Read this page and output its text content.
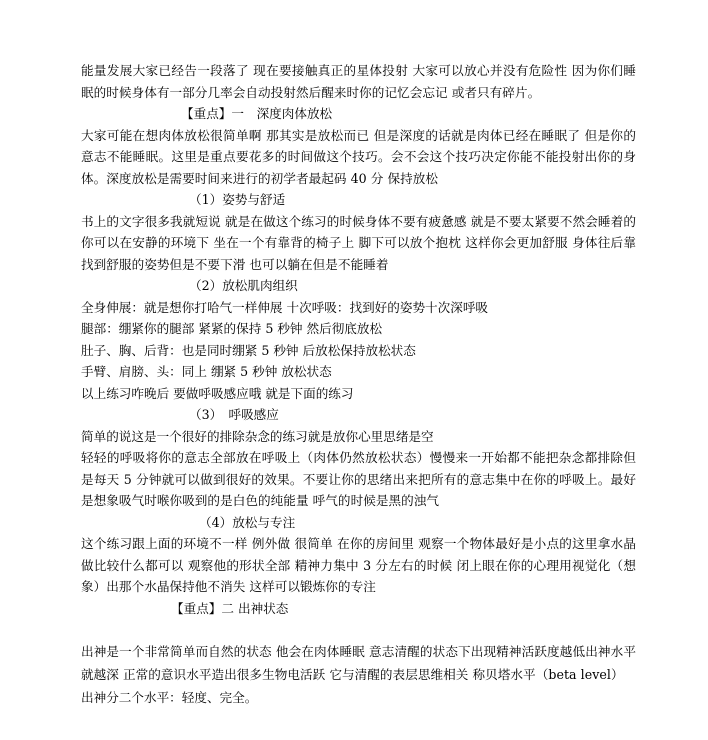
能量发展大家已经告一段落了 现在要接触真正的星体投射 大家可以放心并没有危险性 因为你们睡眠的时候身体有一部分几率会自动投射然后醒来时你的记忆会忘记 或者只有碎片。

【重点】一　深度肉体放松

大家可能在想肉体放松很简单啊 那其实是放松而已 但是深度的话就是肉体已经在睡眠了 但是你的意志不能睡眠。这里是重点要花多的时间做这个技巧。会不会这个技巧决定你能不能投射出你的身体。深度放松是需要时间来进行的初学者最起码 40 分 保持放松

（1）姿势与舒适

书上的文字很多我就短说 就是在做这个练习的时候身体不要有疲惫感 就是不要太紧要不然会睡着的 你可以在安静的环境下 坐在一个有靠背的椅子上 脚下可以放个抱枕 这样你会更加舒服 身体往后靠找到舒服的姿势但是不要下滑 也可以躺在但是不能睡着

（2）放松肌肉组织

全身伸展：就是想你打哈气一样伸展 十次呼吸：找到好的姿势十次深呼吸

腿部：绷紧你的腿部 紧紧的保持 5 秒钟 然后彻底放松

肚子、胸、后背：也是同时绷紧 5 秒钟 后放松保持放松状态

手臂、肩膀、头：同上 绷紧 5 秒钟 放松状态

以上练习咋晚后 要做呼吸感应哦 就是下面的练习

（3）　呼吸感应

简单的说这是一个很好的排除杂念的练习就是放你心里思绪是空

轻轻的呼吸将你的意志全部放在呼吸上（肉体仍然放松状态）慢慢来一开始都不能把杂念都排除但是每天 5 分钟就可以做到很好的效果。不要让你的思绪出来把所有的意志集中在你的呼吸上。最好是想象吸气时喉你吸到的是白色的纯能量 呼气的时候是黑的浊气

（4）放松与专注

这个练习跟上面的环境不一样 例外做 很简单 在你的房间里 观察一个物体最好是小点的这里拿水晶做比较什么都可以 观察他的形状全部 精神力集中 3 分左右的时候 闭上眼在你的心理用视觉化（想象）出那个水晶保持他不消失 这样可以锻炼你的专注

【重点】二 出神状态

出神是一个非常简单而自然的状态 他会在肉体睡眠 意志清醒的状态下出现精神活跃度越低出神水平就越深 正常的意识水平造出很多生物电活跃 它与清醒的表层思维相关 称贝塔水平（beta level）

出神分二个水平：轻度、完全。
